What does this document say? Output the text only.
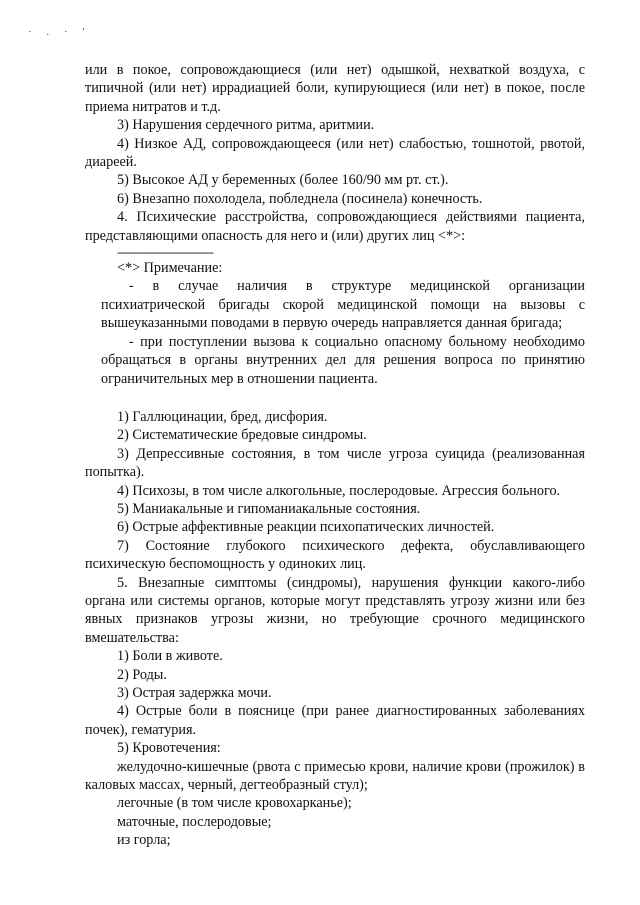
· . · '

или в покое, сопровождающиеся (или нет) одышкой, нехваткой воздуха, с типичной (или нет) иррадиацией боли, купирующиеся (или нет) в покое, после приема нитратов и т.д.

3) Нарушения сердечного ритма, аритмии.

4) Низкое АД, сопровождающееся (или нет) слабостью, тошнотой, рвотой, диареей.

5) Высокое АД у беременных (более 160/90 мм рт. ст.).

6) Внезапно похолодела, побледнела (посинела) конечность.

4. Психические расстройства, сопровождающиеся действиями пациента, представляющими опасность для него и (или) других лиц <*>:

--------------------------------

<*> Примечание:

- в случае наличия в структуре медицинской организации психиатрической бригады скорой медицинской помощи на вызовы с вышеуказанными поводами в первую очередь направляется данная бригада;

- при поступлении вызова к социально опасному больному необходимо обращаться в органы внутренних дел для решения вопроса по принятию ограничительных мер в отношении пациента.

1) Галлюцинации, бред, дисфория.

2) Систематические бредовые синдромы.

3) Депрессивные состояния, в том числе угроза суицида (реализованная попытка).

4) Психозы, в том числе алкогольные, послеродовые. Агрессия больного.

5) Маниакальные и гипоманиакальные состояния.

6) Острые аффективные реакции психопатических личностей.

7) Состояние глубокого психического дефекта, обуславливающего психическую беспомощность у одиноких лиц.

5. Внезапные симптомы (синдромы), нарушения функции какого-либо органа или системы органов, которые могут представлять угрозу жизни или без явных признаков угрозы жизни, но требующие срочного медицинского вмешательства:

1) Боли в животе.

2) Роды.

3) Острая задержка мочи.

4) Острые боли в пояснице (при ранее диагностированных заболеваниях почек), гематурия.

5) Кровотечения:

желудочно-кишечные (рвота с примесью крови, наличие крови (прожилок) в каловых массах, черный, дегтеобразный стул);

легочные (в том числе кровохарканье);

маточные, послеродовые;

из горла;
